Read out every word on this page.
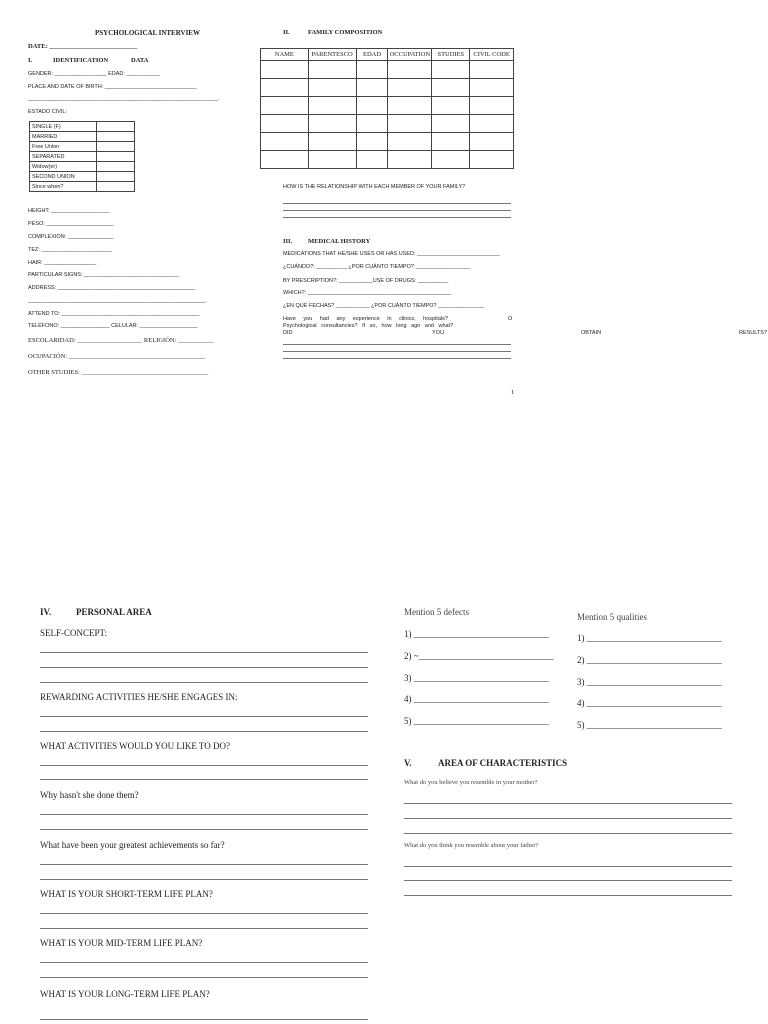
PSYCHOLOGICAL INTERVIEW
DATE: ___________________________
I.	IDENTIFICATION	DATA
GENDER: _________________ EDAD: ___________
PLACE AND DATE OF BIRTH: ______________________________
______________________________________________________________.
ESTADO CIVIL:
SINGLE (F)	
MARRIED	
Free Union	
SEPARATED	
Widow(er)	
SECOND UNION	
Since when?	
HEIGHT: ___________________
PESO: ______________________
COMPLEXION: _______________
TEZ: _______________________
HAIR: _________________
PARTICULAR SIGNS: _______________________________
ADDRESS: _____________________________________________
__________________________________________________________.
ATTEND TO: _____________________________________________
TELÉFONO: ________________ CELULAR: ___________________
ESCOLARIDAD: ____________________ RELIGIÓN: ___________
OCUPACIÓN: __________________________________________
OTHER STUDIES: _______________________________________
II.	FAMILY COMPOSITION
NAME	PARENTESCO	EDAD	OCCUPATION	STUDIES	CIVIL CODE

HOW IS THE RELATIONSHIP WITH EACH MEMBER OF YOUR FAMILY?
III. MEDICAL HISTORY
MEDICATIONS THAT HE/SHE USES OR HAS USED: ___________________________
¿CUÁNDO?: __________ ¿POR CUÁNTO TIEMPO? __________________
BY PRESCRIPTION?: ___________USE OF DRUGS: __________
WHICH?: _______________________________________________
¿EN QUÉ FECHAS? ___________ ¿POR CUÁNTO TIEMPO? _______________
Have you had any experience in clinics, hospitals?	O
Psychological consultancies? If so, how long ago and what?
DID	YOU	OBTAIN	RESULTS?
1
IV.	PERSONAL AREA
SELF-CONCEPT:
REWARDING ACTIVITIES HE/SHE ENGAGES IN:
WHAT ACTIVITIES WOULD YOU LIKE TO DO?
Why hasn't she done them?
What have been your greatest achievements so far?
WHAT IS YOUR SHORT-TERM LIFE PLAN?
WHAT IS YOUR MID-TERM LIFE PLAN?
WHAT IS YOUR LONG-TERM LIFE PLAN?
Mention 5 defects
1) ______________________________
2) ~______________________________
3) ______________________________
4) ______________________________
5) ______________________________
Mention 5 qualities
1) ______________________________
2) ______________________________
3) ______________________________
4) ______________________________
5) ______________________________
V.	AREA OF CHARACTERISTICS
What do you believe you resemble in your mother?
What do you think you resemble about your father?
